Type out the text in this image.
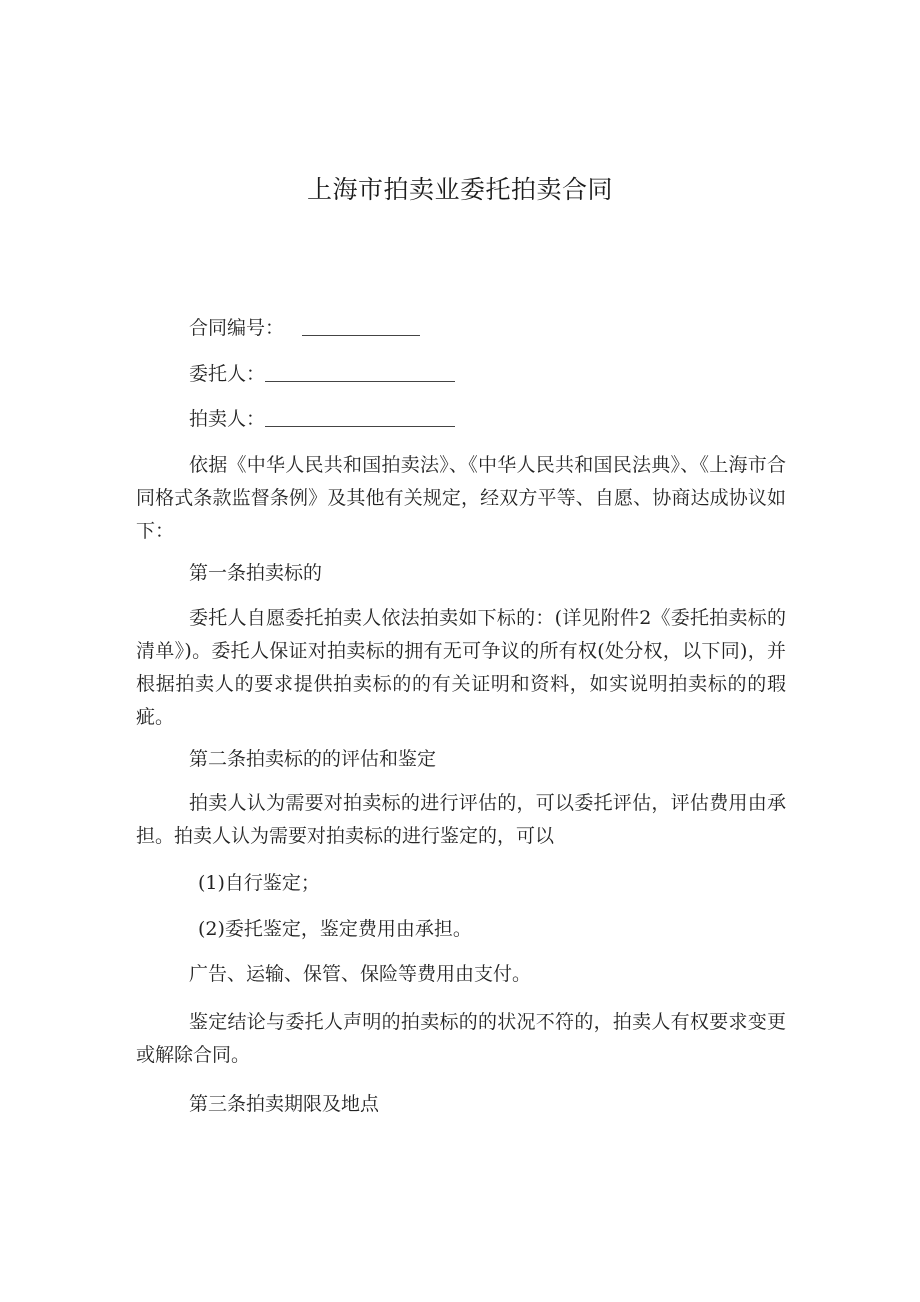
上海市拍卖业委托拍卖合同
合同编号：
委托人：
拍卖人：
依据《中华人民共和国拍卖法》、《中华人民共和国民法典》、《上海市合同格式条款监督条例》及其他有关规定，经双方平等、自愿、协商达成协议如下：
第一条拍卖标的
委托人自愿委托拍卖人依法拍卖如下标的：(详见附件2《委托拍卖标的清单》)。委托人保证对拍卖标的拥有无可争议的所有权(处分权，以下同)，并根据拍卖人的要求提供拍卖标的的有关证明和资料，如实说明拍卖标的的瑕疵。
第二条拍卖标的的评估和鉴定
拍卖人认为需要对拍卖标的进行评估的，可以委托评估，评估费用由承担。拍卖人认为需要对拍卖标的进行鉴定的，可以
(1)自行鉴定；
(2)委托鉴定，鉴定费用由承担。
广告、运输、保管、保险等费用由支付。
鉴定结论与委托人声明的拍卖标的的状况不符的，拍卖人有权要求变更或解除合同。
第三条拍卖期限及地点
